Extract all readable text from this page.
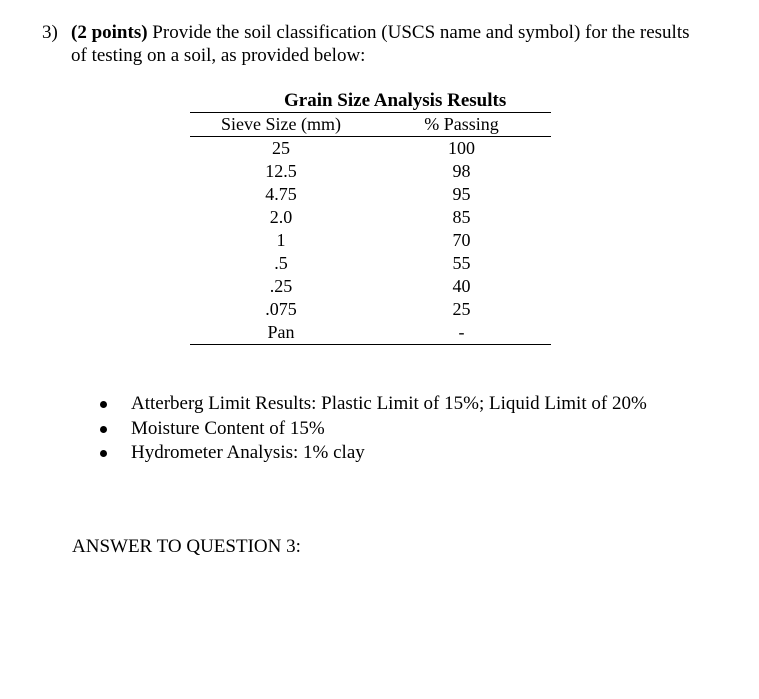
3) (2 points) Provide the soil classification (USCS name and symbol) for the results
of testing on a soil, as provided below:
Grain Size Analysis Results
Sieve Size (mm)	% Passing
25	100
12.5	98
4.75	95
2.0	85
1	70
.5	55
.25	40
.075	25
Pan	-
Atterberg Limit Results: Plastic Limit of 15%; Liquid Limit of 20%
Moisture Content of 15%
Hydrometer Analysis: 1% clay
ANSWER TO QUESTION 3:
